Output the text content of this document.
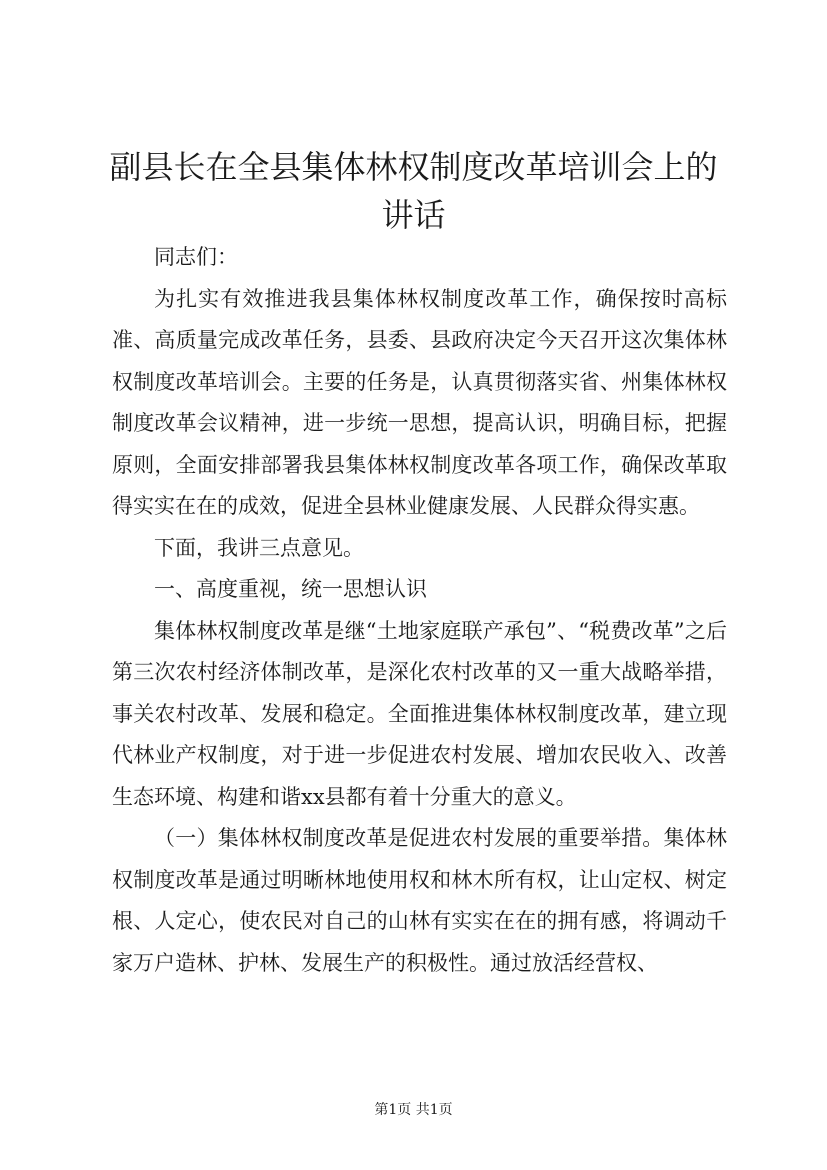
副县长在全县集体林权制度改革培训会上的讲话

同志们：

为扎实有效推进我县集体林权制度改革工作，确保按时高标准、高质量完成改革任务，县委、县政府决定今天召开这次集体林权制度改革培训会。主要的任务是，认真贯彻落实省、州集体林权制度改革会议精神，进一步统一思想，提高认识，明确目标，把握原则，全面安排部署我县集体林权制度改革各项工作，确保改革取得实实在在的成效，促进全县林业健康发展、人民群众得实惠。

下面，我讲三点意见。

一、高度重视，统一思想认识

集体林权制度改革是继“土地家庭联产承包”、“税费改革”之后第三次农村经济体制改革，是深化农村改革的又一重大战略举措，事关农村改革、发展和稳定。全面推进集体林权制度改革，建立现代林业产权制度，对于进一步促进农村发展、增加农民收入、改善生态环境、构建和谐xx县都有着十分重大的意义。

（一）集体林权制度改革是促进农村发展的重要举措。集体林权制度改革是通过明晰林地使用权和林木所有权，让山定权、树定根、人定心，使农民对自己的山林有实实在在的拥有感，将调动千家万户造林、护林、发展生产的积极性。通过放活经营权、

第1页 共1页
